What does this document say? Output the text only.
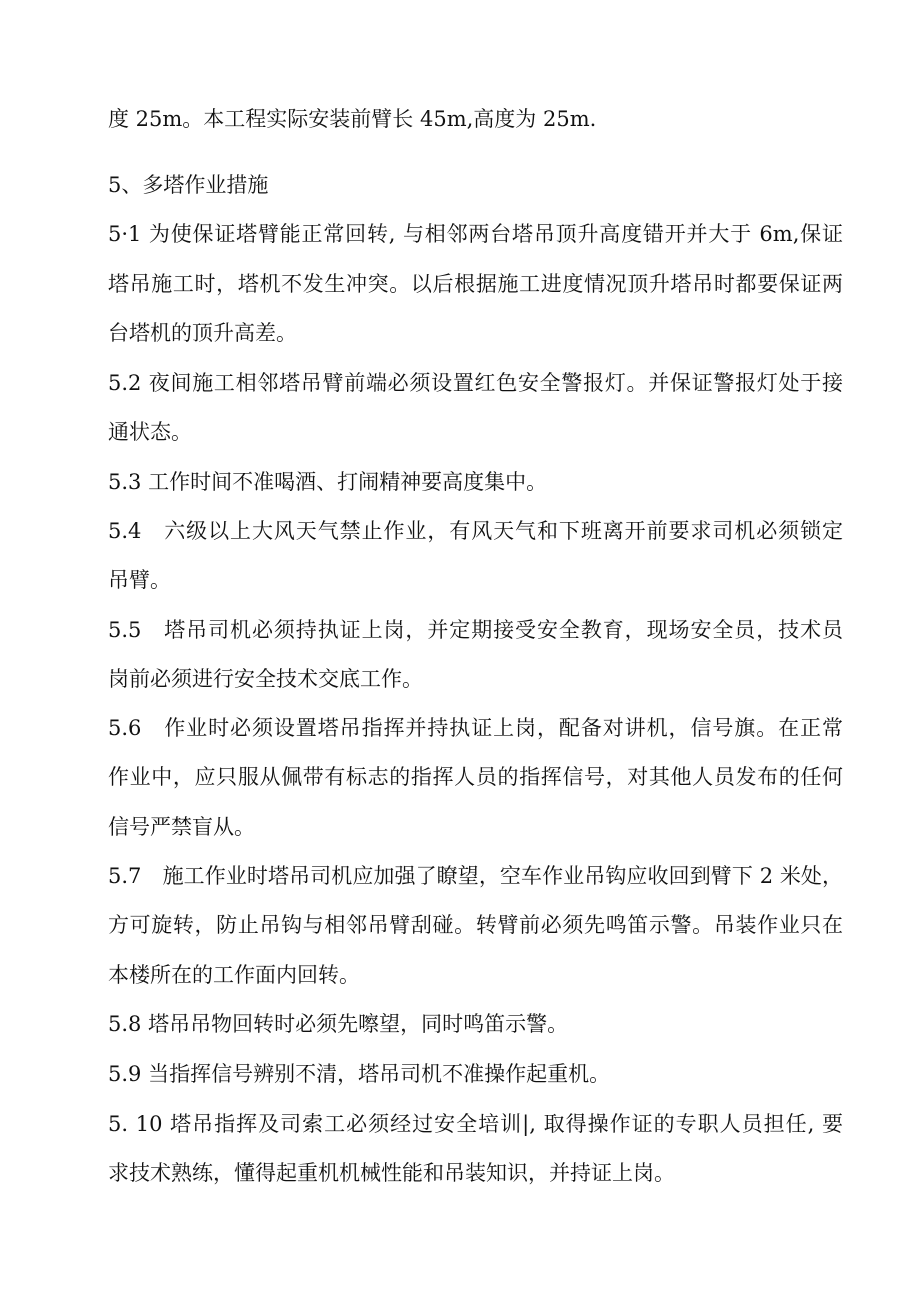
度 25m。本工程实际安装前臂长 45m,高度为 25m.
5、多塔作业措施
5·1 为使保证塔臂能正常回转, 与相邻两台塔吊顶升高度错开并大于 6m,保证
塔吊施工时，塔机不发生冲突。以后根据施工进度情况顶升塔吊时都要保证两
台塔机的顶升高差。
5.2 夜间施工相邻塔吊臂前端必须设置红色安全警报灯。并保证警报灯处于接
通状态。
5.3 工作时间不准喝酒、打闹精神要高度集中。
5.4　六级以上大风天气禁止作业，有风天气和下班离开前要求司机必须锁定
吊臂。
5.5　塔吊司机必须持执证上岗，并定期接受安全教育，现场安全员，技术员
岗前必须进行安全技术交底工作。
5.6　作业时必须设置塔吊指挥并持执证上岗，配备对讲机，信号旗。在正常
作业中，应只服从佩带有标志的指挥人员的指挥信号，对其他人员发布的任何
信号严禁盲从。
5.7　施工作业时塔吊司机应加强了瞭望，空车作业吊钩应收回到臂下 2 米处，
方可旋转，防止吊钩与相邻吊臂刮碰。转臂前必须先鸣笛示警。吊装作业只在
本楼所在的工作面内回转。
5.8 塔吊吊物回转时必须先嚓望，同时鸣笛示警。
5.9 当指挥信号辨别不清，塔吊司机不准操作起重机。
5. 10 塔吊指挥及司索工必须经过安全培训|, 取得操作证的专职人员担任, 要
求技术熟练，懂得起重机机械性能和吊装知识，并持证上岗。
